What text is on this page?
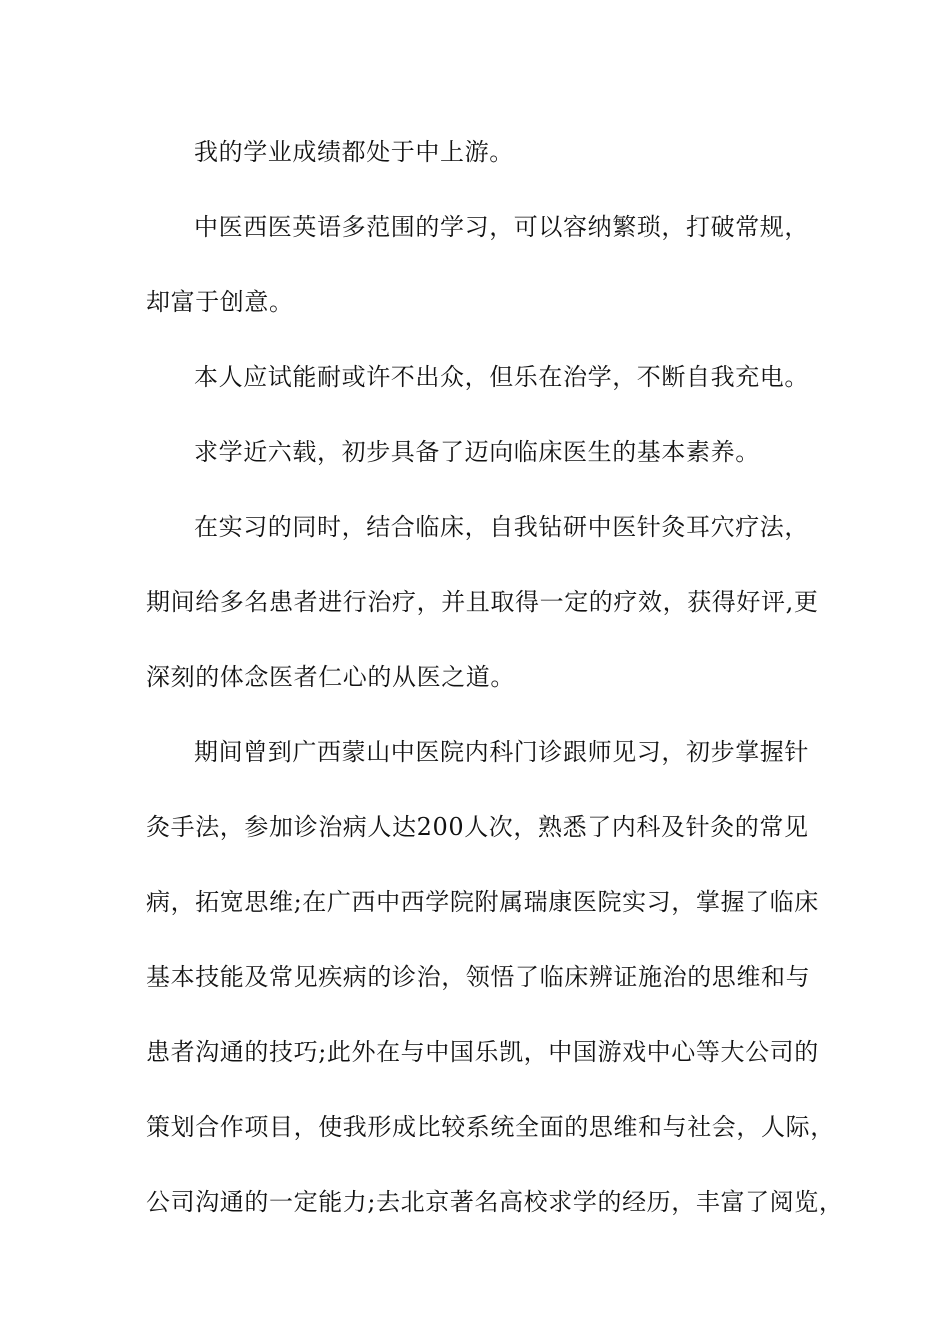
我的学业成绩都处于中上游。
中医西医英语多范围的学习，可以容纳繁琐，打破常规，
却富于创意。
本人应试能耐或许不出众，但乐在治学，不断自我充电。
求学近六载，初步具备了迈向临床医生的基本素养。
在实习的同时，结合临床，自我钻研中医针灸耳穴疗法，
期间给多名患者进行治疗，并且取得一定的疗效，获得好评,更
深刻的体念医者仁心的从医之道。
期间曾到广西蒙山中医院内科门诊跟师见习，初步掌握针
灸手法，参加诊治病人达200人次，熟悉了内科及针灸的常见
病，拓宽思维;在广西中西学院附属瑞康医院实习，掌握了临床
基本技能及常见疾病的诊治，领悟了临床辨证施治的思维和与
患者沟通的技巧;此外在与中国乐凯，中国游戏中心等大公司的
策划合作项目，使我形成比较系统全面的思维和与社会，人际，
公司沟通的一定能力;去北京著名高校求学的经历，丰富了阅览，
